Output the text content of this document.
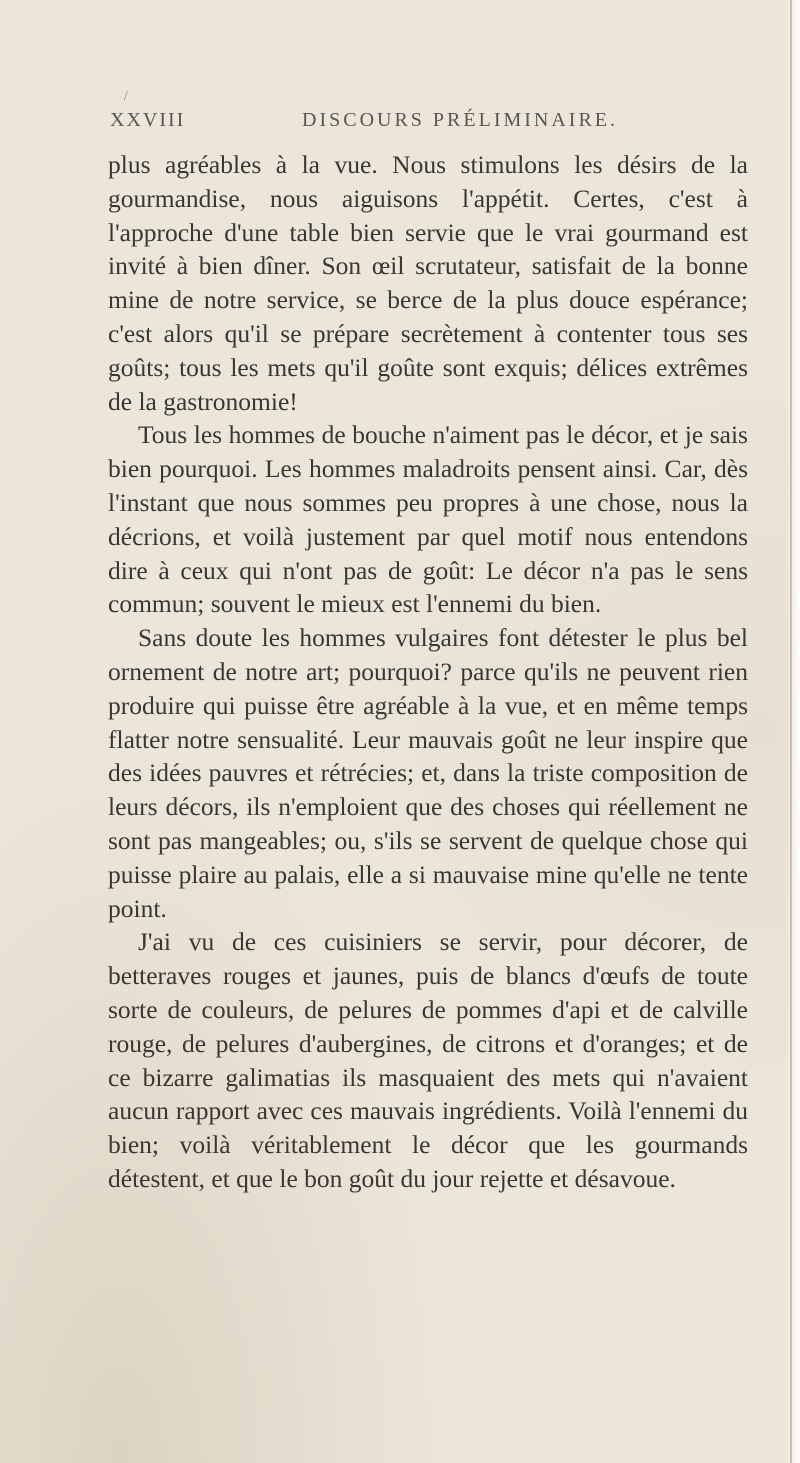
XXVIII
/
DISCOURS PRÉLIMINAIRE.

plus agréables à la vue. Nous stimulons les désirs de la gourmandise, nous aiguisons l'appétit. Certes, c'est à l'approche d'une table bien servie que le vrai gourmand est invité à bien dîner. Son œil scrutateur, satisfait de la bonne mine de notre service, se berce de la plus douce espérance; c'est alors qu'il se prépare secrètement à contenter tous ses goûts; tous les mets qu'il goûte sont exquis; délices extrêmes de la gastronomie!

Tous les hommes de bouche n'aiment pas le décor, et je sais bien pourquoi. Les hommes maladroits pensent ainsi. Car, dès l'instant que nous sommes peu propres à une chose, nous la décrions, et voilà justement par quel motif nous entendons dire à ceux qui n'ont pas de goût: Le décor n'a pas le sens commun; souvent le mieux est l'ennemi du bien.

Sans doute les hommes vulgaires font détester le plus bel ornement de notre art; pourquoi? parce qu'ils ne peuvent rien produire qui puisse être agréable à la vue, et en même temps flatter notre sensualité. Leur mauvais goût ne leur inspire que des idées pauvres et rétrécies; et, dans la triste composition de leurs décors, ils n'emploient que des choses qui réellement ne sont pas mangeables; ou, s'ils se servent de quelque chose qui puisse plaire au palais, elle a si mauvaise mine qu'elle ne tente point.

J'ai vu de ces cuisiniers se servir, pour décorer, de betteraves rouges et jaunes, puis de blancs d'œufs de toute sorte de couleurs, de pelures de pommes d'api et de calville rouge, de pelures d'aubergines, de citrons et d'oranges; et de ce bizarre galimatias ils masquaient des mets qui n'avaient aucun rapport avec ces mauvais ingrédients. Voilà l'ennemi du bien; voilà véritablement le décor que les gourmands détestent, et que le bon goût du jour rejette et désavoue.
